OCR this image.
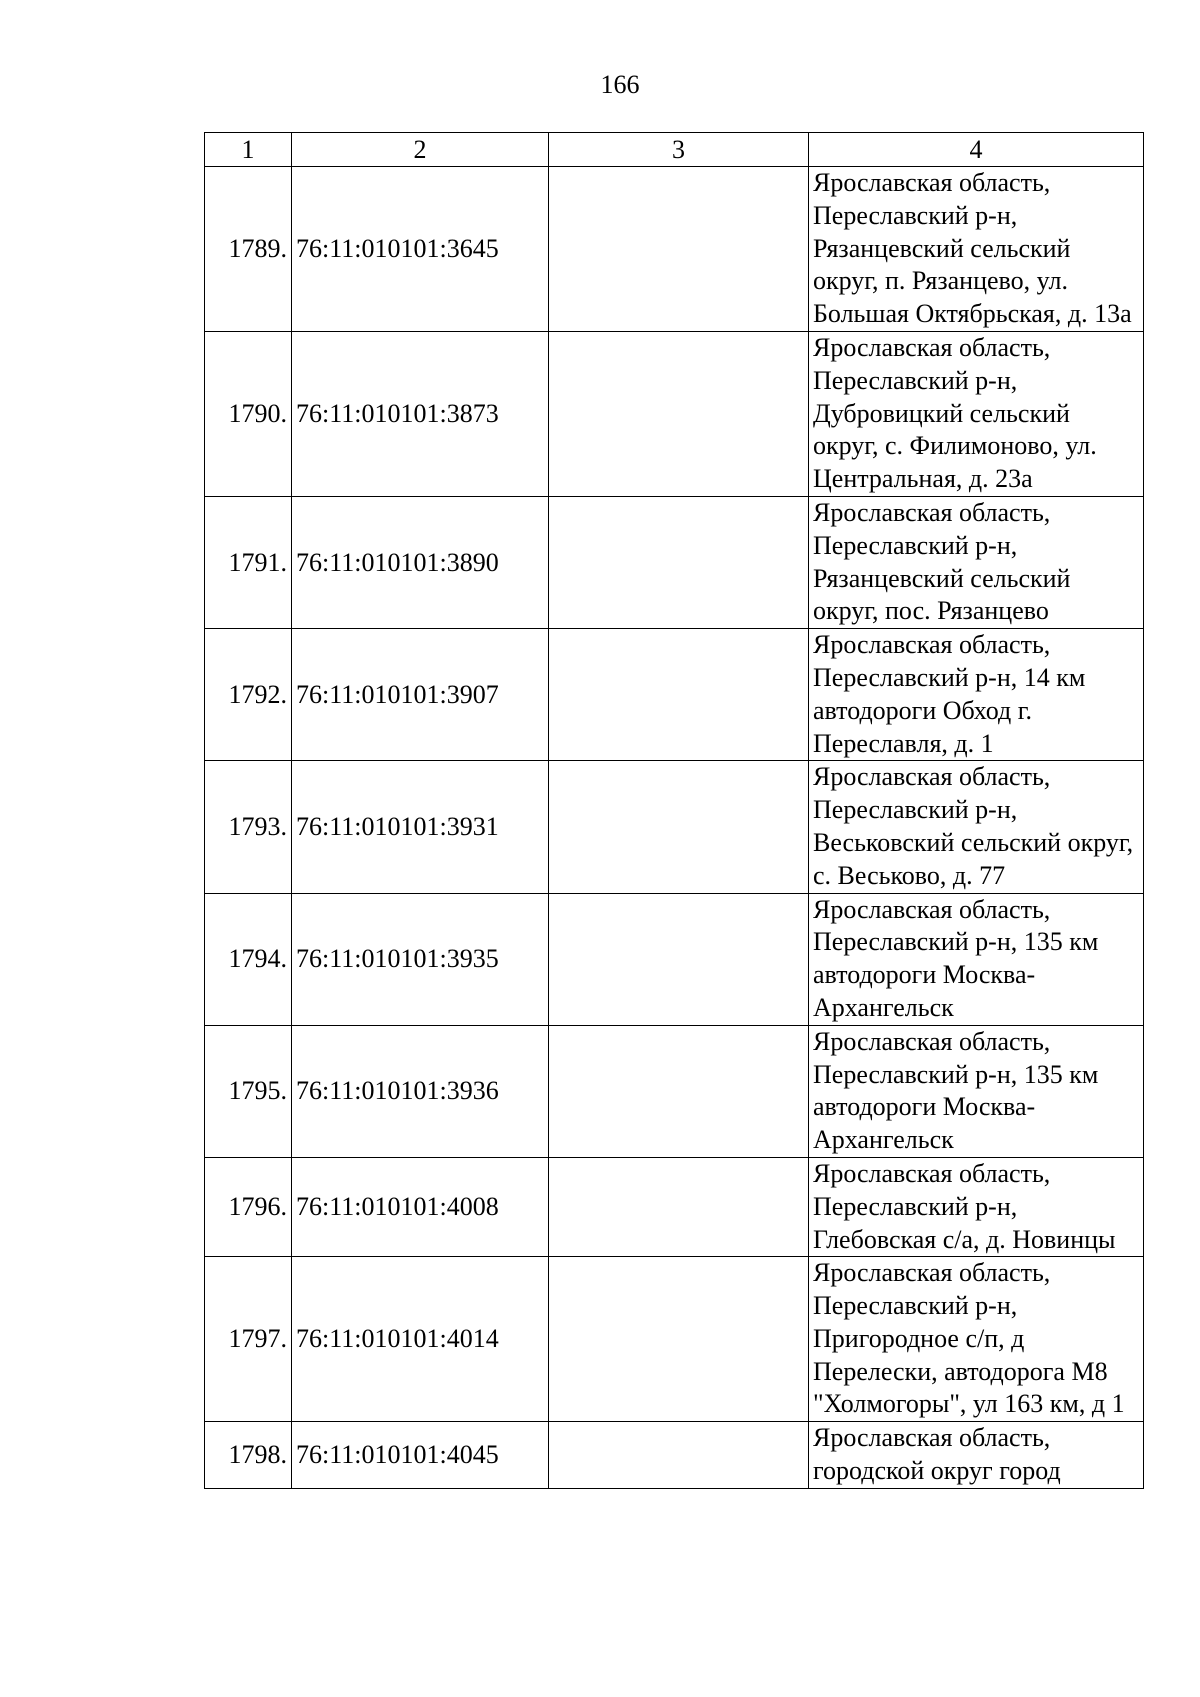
166
1	2	3	4
1789.	76:11:010101:3645		Ярославская область, Переславский р-н, Рязанцевский сельский округ, п. Рязанцево, ул. Большая Октябрьская, д. 13а
1790.	76:11:010101:3873		Ярославская область, Переславский р-н, Дубровицкий сельский округ, с. Филимоново, ул. Центральная, д. 23а
1791.	76:11:010101:3890		Ярославская область, Переславский р-н, Рязанцевский сельский округ, пос. Рязанцево
1792.	76:11:010101:3907		Ярославская область, Переславский р-н, 14 км автодороги Обход г. Переславля, д. 1
1793.	76:11:010101:3931		Ярославская область, Переславский р-н, Веськовский сельский округ, с. Веськово, д. 77
1794.	76:11:010101:3935		Ярославская область, Переславский р-н, 135 км автодороги Москва-Архангельск
1795.	76:11:010101:3936		Ярославская область, Переславский р-н, 135 км автодороги Москва-Архангельск
1796.	76:11:010101:4008		Ярославская область, Переславский р-н, Глебовская с/а, д. Новинцы
1797.	76:11:010101:4014		Ярославская область, Переславский р-н, Пригородное с/п, д Перелески, автодорога М8 "Холмогоры", ул 163 км, д 1
1798.	76:11:010101:4045		Ярославская область, городской округ город
